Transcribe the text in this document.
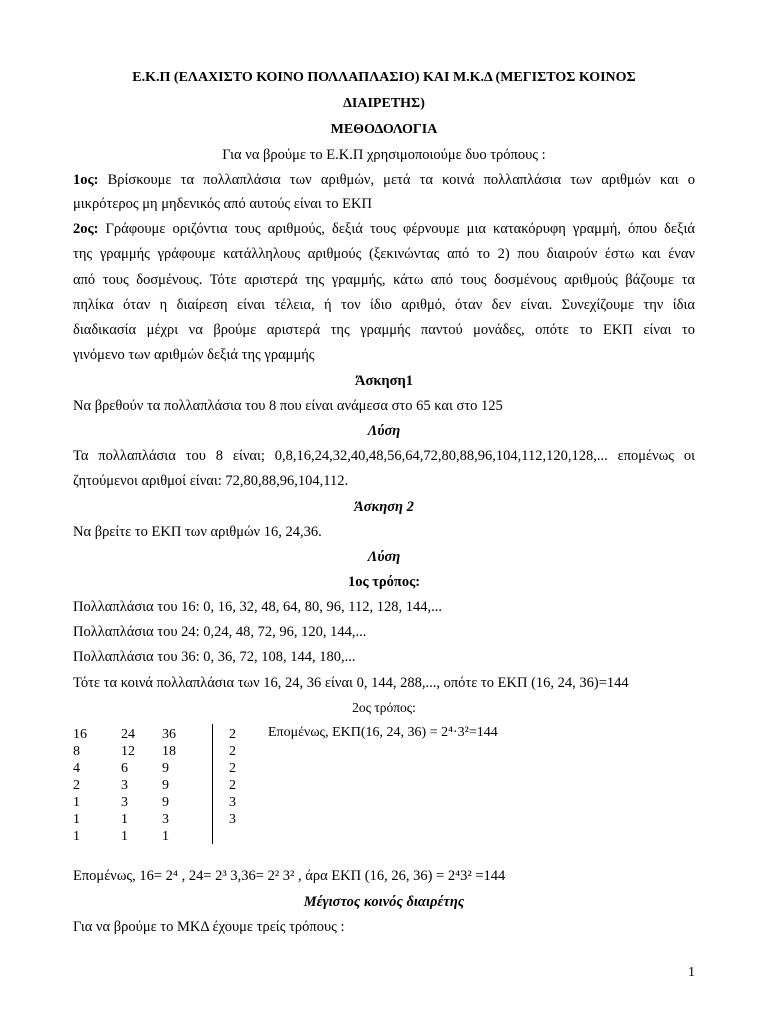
Ε.Κ.Π (ΕΛΑΧΙΣΤΟ ΚΟΙΝΟ ΠΟΛΛΑΠΛΑΣΙΟ) ΚΑΙ Μ.Κ.Δ (ΜΕΓΙΣΤΟΣ ΚΟΙΝΟΣ
ΔΙΑΙΡΕΤΗΣ)
ΜΕΘΟΔΟΛΟΓΙΑ
Για να βρούμε το Ε.Κ.Π χρησιμοποιούμε δυο τρόπους :
1ος: Βρίσκουμε τα πολλαπλάσια των αριθμών, μετά τα κοινά πολλαπλάσια των αριθμών και ο
μικρότερος μη μηδενικός από αυτούς είναι το ΕΚΠ
2ος: Γράφουμε οριζόντια τους αριθμούς, δεξιά τους φέρνουμε μια κατακόρυφη γραμμή, όπου δεξιά
της γραμμής γράφουμε κατάλληλους αριθμούς (ξεκινώντας από το 2) που διαιρούν έστω και έναν
από τους δοσμένους. Τότε αριστερά της γραμμής, κάτω από τους δοσμένους αριθμούς βάζουμε τα
πηλίκα όταν η διαίρεση είναι τέλεια, ή τον ίδιο αριθμό, όταν δεν είναι. Συνεχίζουμε την ίδια
διαδικασία μέχρι να βρούμε αριστερά της γραμμής παντού μονάδες, οπότε το ΕΚΠ είναι το
γινόμενο των αριθμών δεξιά της γραμμής
Άσκηση1
Να βρεθούν τα πολλαπλάσια του 8 που είναι ανάμεσα στο 65 και στο 125
Λύση
Τα πολλαπλάσια του 8 είναι; 0,8,16,24,32,40,48,56,64,72,80,88,96,104,112,120,128,... επομένως οι
ζητούμενοι αριθμοί είναι: 72,80,88,96,104,112.
Άσκηση 2
Να βρείτε το ΕΚΠ των αριθμών 16, 24,36.
Λύση
1ος τρόπος:
Πολλαπλάσια του 16: 0, 16, 32, 48, 64, 80, 96, 112, 128, 144,...
Πολλαπλάσια του 24: 0,24, 48, 72, 96, 120, 144,...
Πολλαπλάσια του 36: 0, 36, 72, 108, 144, 180,...
Τότε τα κοινά πολλαπλάσια των 16, 24, 36 είναι 0, 144, 288,..., οπότε το ΕΚΠ (16, 24, 36)=144
2ος τρόπος:
16 24 36	2
8	12 18	2
4	6 9	2
2	3 9	2
1	3 9	3
1	1 3	3
1	1 1
Επομένως, ΕΚΠ(16, 24, 36) = 2⁴·3²=144
Επομένως, 16= 2⁴ , 24= 2³ 3,36= 2² 3² , άρα ΕΚΠ (16, 26, 36) = 2⁴3² =144
Μέγιστος κοινός διαιρέτης
Για να βρούμε το ΜΚΔ έχουμε τρείς τρόπους :
1
